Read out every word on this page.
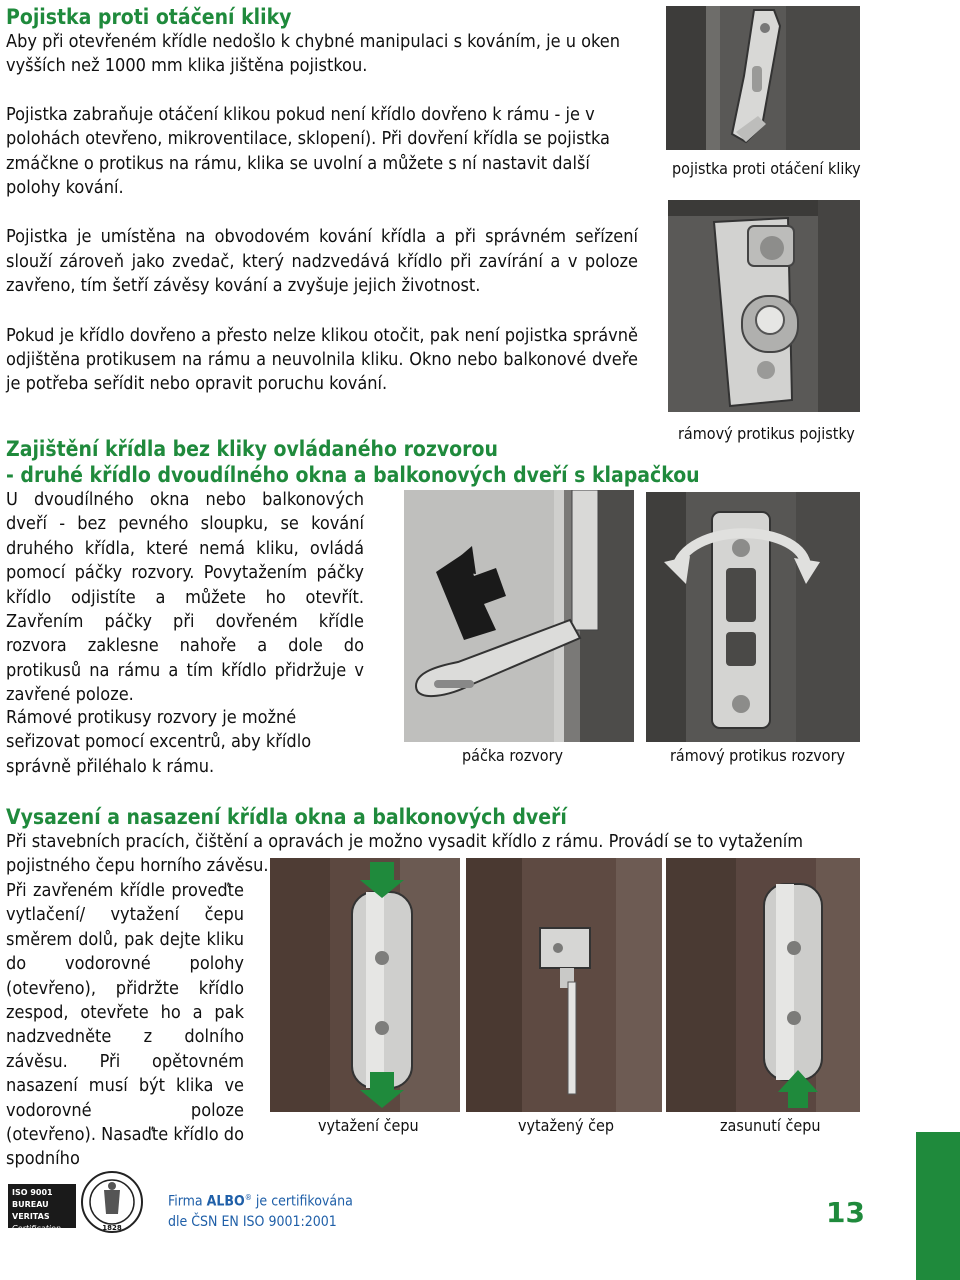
Pojistka proti otáčení kliky

Aby při otevřeném křídle nedošlo k chybné manipulaci s kováním, je u oken vyšších než 1000 mm klika jištěna pojistkou.

Pojistka zabraňuje otáčení klikou pokud není křídlo dovřeno k rámu - je v polohách otevřeno, mikroventilace, sklopení). Při dovření křídla se pojistka zmáčkne o protikus na rámu, klika se uvolní a můžete s ní nastavit další polohy kování.

Pojistka je umístěna na obvodovém kování křídla a při správném seřízení slouží zároveň jako zvedač, který nadzvedává křídlo při zavírání a v poloze zavřeno, tím šetří závěsy kování a zvyšuje jejich životnost.

Pokud je křídlo dovřeno a přesto nelze klikou otočit, pak není pojistka správně odjištěna protikusem na rámu a neuvolnila kliku. Okno nebo balkonové dveře je potřeba seřídit nebo opravit poruchu kování.

pojistka proti otáčení kliky
rámový protikus pojistky
Zajištění křídla bez kliky ovládaného rozvorou
- druhé křídlo dvoudílného okna a balkonových dveří s klapačkou

U dvoudílného okna nebo balkonových dveří - bez pevného sloupku, se kování druhého křídla, které nemá kliku, ovládá pomocí páčky rozvory. Povytažením páčky křídlo odjistíte a můžete ho otevřít. Zavřením páčky při dovřeném křídle rozvora zaklesne nahoře a dole do protikusů na rámu a tím křídlo přidržuje v zavřené poloze.

Rámové protikusy rozvory je možné seřizovat pomocí excentrů, aby křídlo správně přiléhalo k rámu.

páčka rozvory	rámový protikus rozvory
Vysazení a nasazení křídla okna a balkonových dveří

Při stavebních pracích, čištění a opravách je možno vysadit křídlo z rámu. Provádí se to vytažením pojistného čepu horního závěsu.

Při zavřeném křídle proveďte vytlačení/ vytažení čepu směrem dolů, pak dejte kliku do vodorovné polohy (otevřeno), přidržte křídlo zespod, otevřete ho a pak nadzvedněte z dolního závěsu. Při opětovném nasazení musí být klika ve vodorovné poloze (otevřeno). Nasaďte křídlo do spodního

vytažení čepu	vytažený čep	zasunutí čepu
ISO 9001
BUREAU VERITAS
Certification	1828
Firma ALBO® je certifikována
dle ČSN EN ISO 9001:2001	13
